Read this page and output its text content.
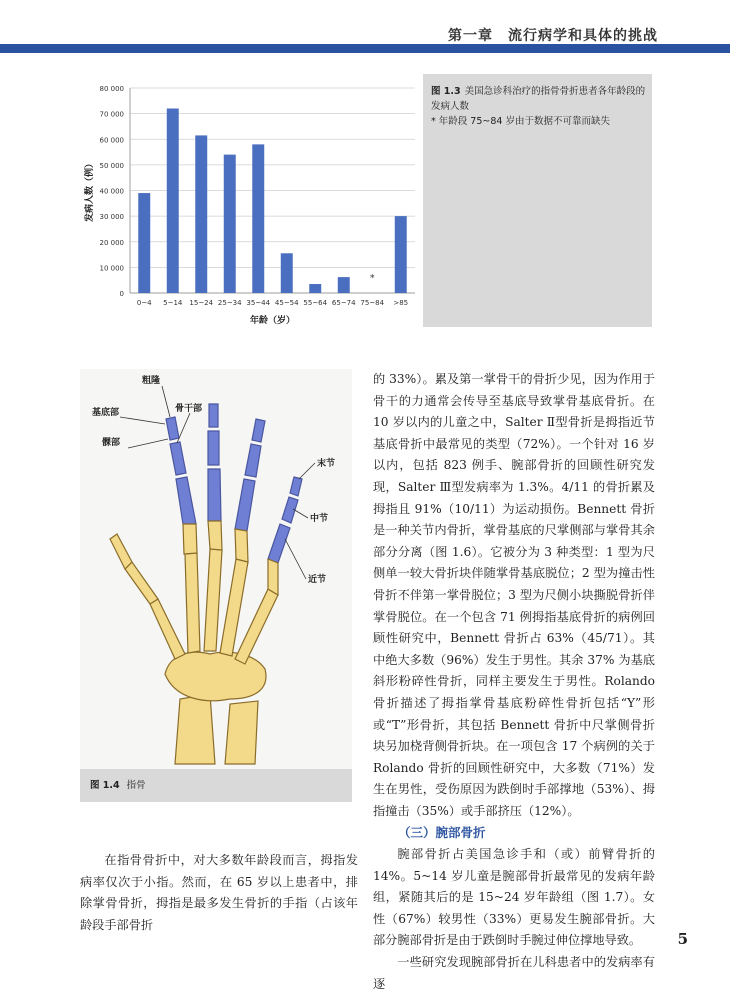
第一章　流行病学和具体的挑战
0
10 000
20 000
30 000
40 000
50 000
60 000
70 000
80 000
0~4 5~14 15~24 25~34 35~44 45~54 55~64 65~74
*
75~84 >85
年龄（岁）
发病人数（例）
图 1.3 美国急诊科治疗的指骨骨折患者各年龄段的发病人数
* 年龄段 75~84 岁由于数据不可靠而缺失
粗隆
骨干部
基底部
髁部
末节
中节
近节
图 1.4 指骨

在指骨骨折中，对大多数年龄段而言，拇指发病率仅次于小指。然而，在 65 岁以上患者中，排除掌骨骨折，拇指是最多发生骨折的手指（占该年龄段手部骨折

的 33%）。累及第一掌骨干的骨折少见，因为作用于骨干的力通常会传导至基底导致掌骨基底骨折。在 10 岁以内的儿童之中，Salter Ⅱ型骨折是拇指近节基底骨折中最常见的类型（72%）。一个针对 16 岁以内，包括 823 例手、腕部骨折的回顾性研究发现，Salter Ⅲ型发病率为 1.3%。4/11 的骨折累及拇指且 91%（10/11）为运动损伤。Bennett 骨折是一种关节内骨折，掌骨基底的尺掌侧部与掌骨其余部分分离（图 1.6）。它被分为 3 种类型：1 型为尺侧单一较大骨折块伴随掌骨基底脱位；2 型为撞击性骨折不伴第一掌骨脱位；3 型为尺侧小块撕脱骨折伴掌骨脱位。在一个包含 71 例拇指基底骨折的病例回顾性研究中，Bennett 骨折占 63%（45/71）。其中绝大多数（96%）发生于男性。其余 37% 为基底斜形粉碎性骨折，同样主要发生于男性。Rolando 骨折描述了拇指掌骨基底粉碎性骨折包括“Y”形或“T”形骨折，其包括 Bennett 骨折中尺掌侧骨折块另加桡背侧骨折块。在一项包含 17 个病例的关于 Rolando 骨折的回顾性研究中，大多数（71%）发生在男性，受伤原因为跌倒时手部撑地（53%）、拇指撞击（35%）或手部挤压（12%）。

（三）腕部骨折

腕部骨折占美国急诊手和（或）前臂骨折的 14%。5~14 岁儿童是腕部骨折最常见的发病年龄组，紧随其后的是 15~24 岁年龄组（图 1.7）。女性（67%）较男性（33%）更易发生腕部骨折。大部分腕部骨折是由于跌倒时手腕过伸位撑地导致。

一些研究发现腕部骨折在儿科患者中的发病率有逐

5
